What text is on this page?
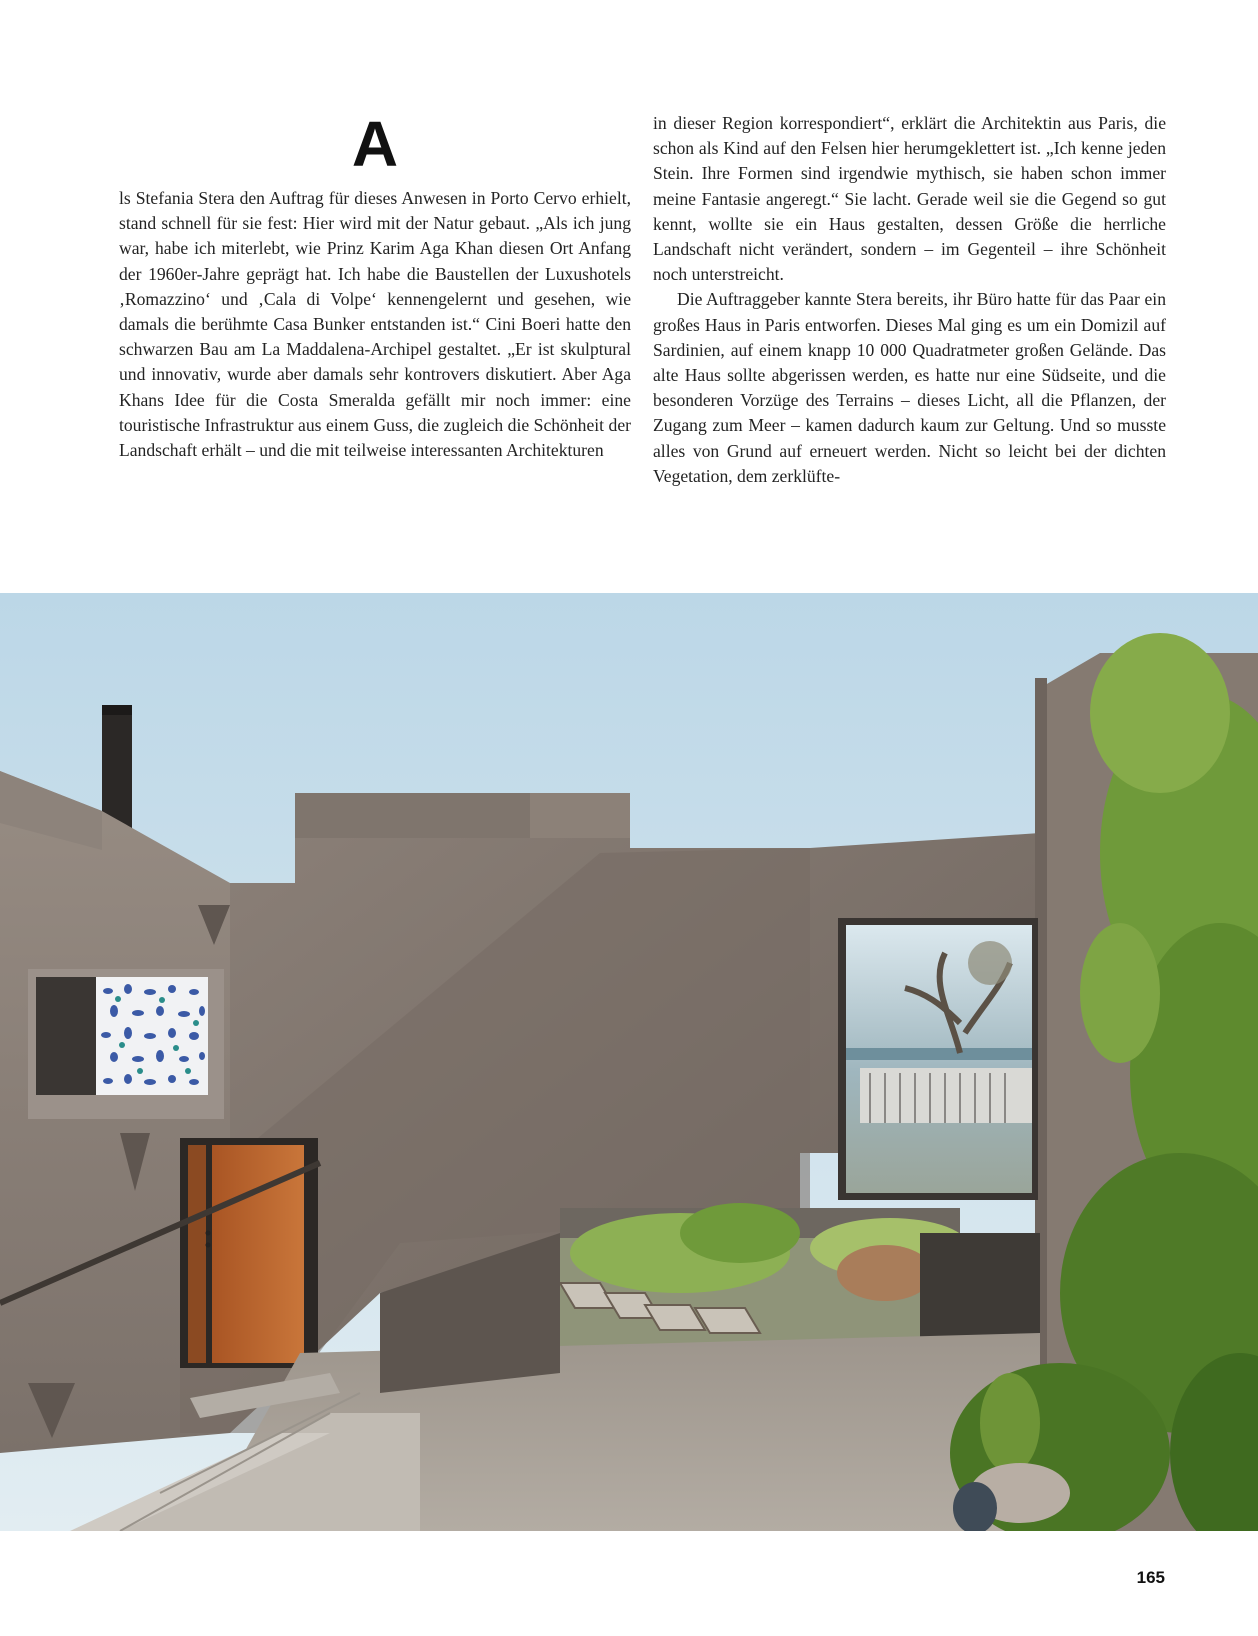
A

ls Stefania Stera den Auftrag für dieses Anwesen in Porto Cervo erhielt, stand schnell für sie fest: Hier wird mit der Natur gebaut. „Als ich jung war, habe ich miterlebt, wie Prinz Karim Aga Khan diesen Ort Anfang der 1960er-Jahre geprägt hat. Ich habe die Baustellen der Luxushotels ‚Romazzino‘ und ‚Cala di Volpe‘ kennengelernt und gesehen, wie damals die berühmte Casa Bunker entstanden ist.“ Cini Boeri hatte den schwarzen Bau am La Maddalena-Archipel gestaltet. „Er ist skulptural und innovativ, wurde aber damals sehr kontrovers diskutiert. Aber Aga Khans Idee für die Costa Smeralda gefällt mir noch immer: eine touristische Infrastruktur aus einem Guss, die zugleich die Schönheit der Landschaft erhält – und die mit teilweise interessanten Architekturen

in dieser Region korrespondiert“, erklärt die Architektin aus Paris, die schon als Kind auf den Felsen hier herumgeklettert ist. „Ich kenne jeden Stein. Ihre Formen sind irgendwie mythisch, sie haben schon immer meine Fantasie angeregt.“ Sie lacht. Gerade weil sie die Gegend so gut kennt, wollte sie ein Haus gestalten, dessen Größe die herrliche Landschaft nicht verändert, sondern – im Gegenteil – ihre Schönheit noch unterstreicht.

Die Auftraggeber kannte Stera bereits, ihr Büro hatte für das Paar ein großes Haus in Paris entworfen. Dieses Mal ging es um ein Domizil auf Sardinien, auf einem knapp 10 000 Quadratmeter großen Gelände. Das alte Haus sollte abgerissen werden, es hatte nur eine Südseite, und die besonderen Vorzüge des Terrains – dieses Licht, all die Pflanzen, der Zugang zum Meer – kamen dadurch kaum zur Geltung. Und so musste alles von Grund auf erneuert werden. Nicht so leicht bei der dichten Vegetation, dem zerklüfte-

165
